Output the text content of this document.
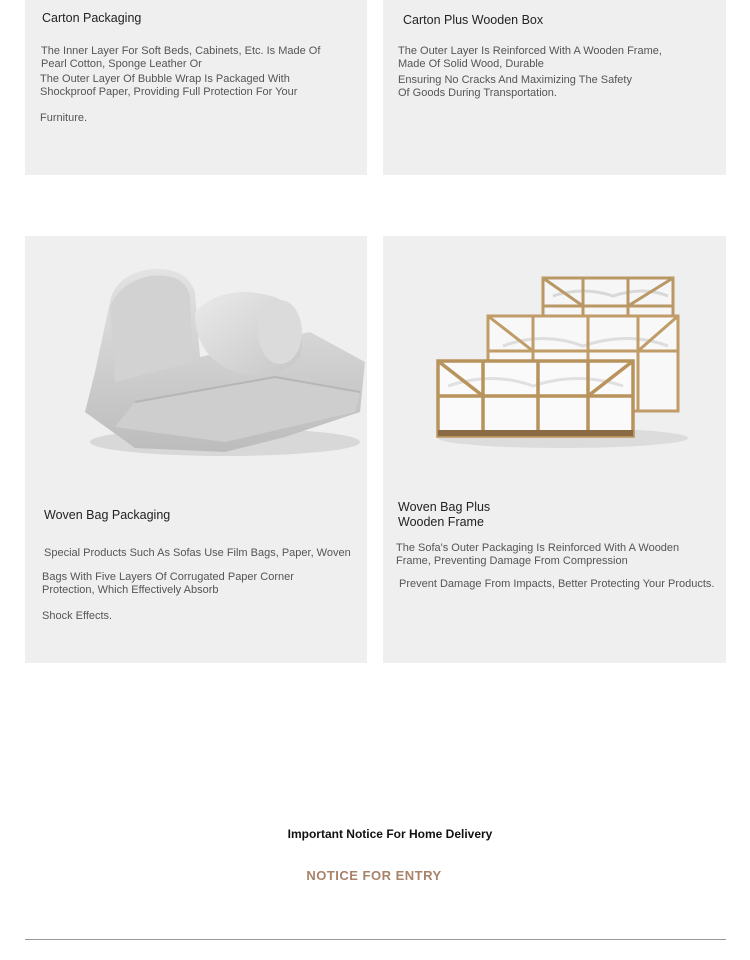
Carton Packaging
The Inner Layer For Soft Beds, Cabinets, Etc. Is Made Of
Pearl Cotton, Sponge Leather Or
The Outer Layer Of Bubble Wrap Is Packaged With
Shockproof Paper, Providing Full Protection For Your
Furniture.
Carton Plus Wooden Box
The Outer Layer Is Reinforced With A Wooden Frame,
Made Of Solid Wood, Durable
Ensuring No Cracks And Maximizing The Safety
Of Goods During Transportation.
Woven Bag Packaging
Special Products Such As Sofas Use Film Bags, Paper, Woven
Bags With Five Layers Of Corrugated Paper Corner
Protection, Which Effectively Absorb
Shock Effects.
Woven Bag Plus
Wooden Frame
The Sofa's Outer Packaging Is Reinforced With A Wooden
Frame, Preventing Damage From Compression
Prevent Damage From Impacts, Better Protecting Your Products.
Important Notice For Home Delivery
NOTICE FOR ENTRY
